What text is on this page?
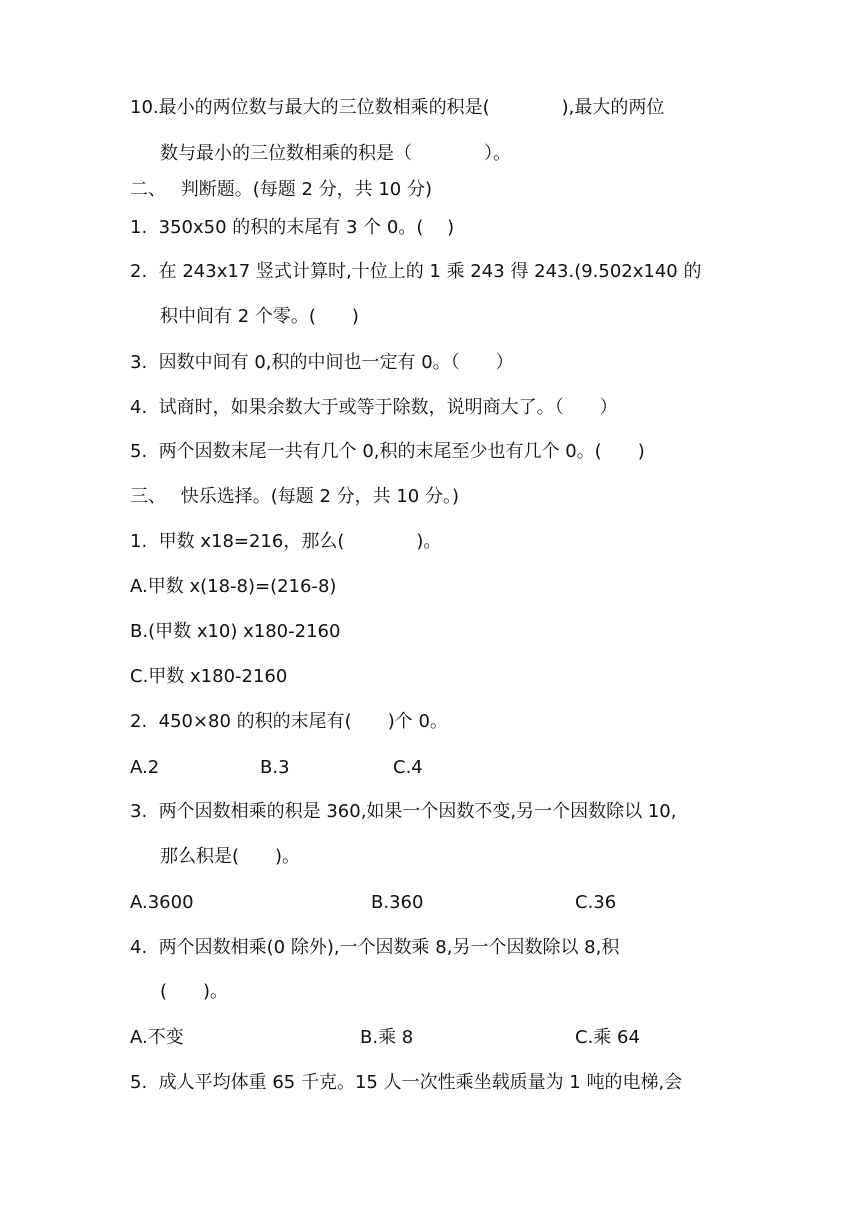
10.最小的两位数与最大的三位数相乘的积是(　　　　),最大的两位
数与最小的三位数相乘的积是（　　　　）。
二、　 判断题。(每题 2 分，共 10 分)
1.  350x50 的积的末尾有 3 个 0。(　 )
2.  在 243x17 竖式计算时,十位上的 1 乘 243 得 243.(9.502x140 的
积中间有 2 个零。(　　)
3.  因数中间有 0,积的中间也一定有 0。（　　）
4.  试商时，如果余数大于或等于除数，说明商大了。（　　）
5.  两个因数末尾一共有几个 0,积的末尾至少也有几个 0。(　　)
三、　 快乐选择。(每题 2 分，共 10 分。)
1.  甲数 x18=216，那么(　　　　)。
A.甲数 x(18-8)=(216-8)
B.(甲数 x10) x180-2160
C.甲数 x180-2160
2.  450×80 的积的末尾有(　　)个 0。
A.2	B.3	C.4
3.  两个因数相乘的积是 360,如果一个因数不变,另一个因数除以 10,
那么积是(　　)。
A.3600	B.360	C.36
4.  两个因数相乘(0 除外),一个因数乘 8,另一个因数除以 8,积
(　　)。
A.不变	B.乘 8	C.乘 64
5.  成人平均体重 65 千克。15 人一次性乘坐载质量为 1 吨的电梯,会
